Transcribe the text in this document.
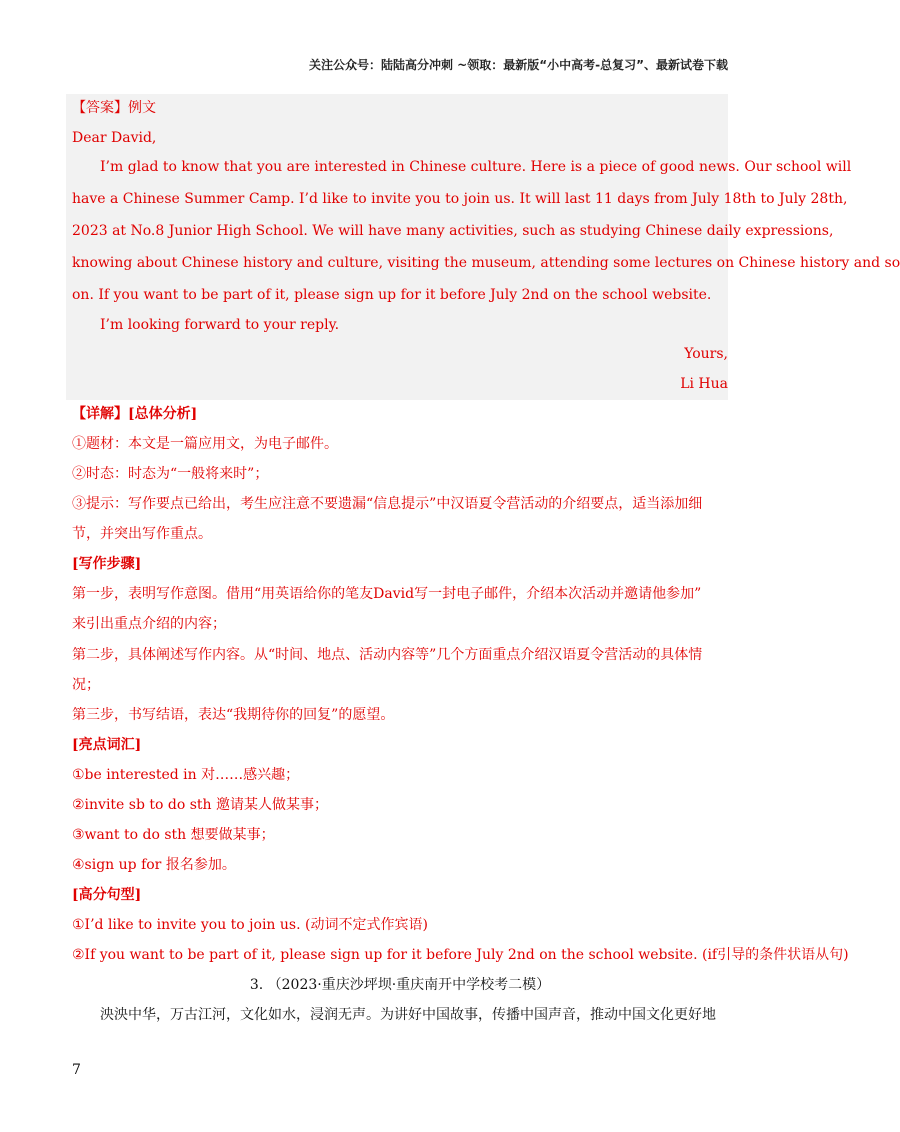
关注公众号：陆陆高分冲刺 ~领取：最新版“小中高考-总复习”、最新试卷下载
【答案】例文
Dear David,
I’m glad to know that you are interested in Chinese culture. Here is a piece of good news. Our school will
have a Chinese Summer Camp. I’d like to invite you to join us. It will last 11 days from July 18th to July 28th,
2023 at No.8 Junior High School. We will have many activities, such as studying Chinese daily expressions,
knowing about Chinese history and culture, visiting the museum, attending some lectures on Chinese history and so
on. If you want to be part of it, please sign up for it before July 2nd on the school website.
I’m looking forward to your reply.
Yours,
Li Hua
【详解】[总体分析]
①题材：本文是一篇应用文，为电子邮件。
②时态：时态为“一般将来时”；
③提示：写作要点已给出，考生应注意不要遗漏“信息提示”中汉语夏令营活动的介绍要点，适当添加细
节，并突出写作重点。
[写作步骤]
第一步，表明写作意图。借用“用英语给你的笔友David写一封电子邮件，介绍本次活动并邀请他参加”
来引出重点介绍的内容；
第二步，具体阐述写作内容。从“时间、地点、活动内容等”几个方面重点介绍汉语夏令营活动的具体情
况；
第三步，书写结语，表达“我期待你的回复”的愿望。
[亮点词汇]
①be interested in 对……感兴趣；
②invite sb to do sth 邀请某人做某事；
③want to do sth 想要做某事；
④sign up for 报名参加。
[高分句型]
①I’d like to invite you to join us. (动词不定式作宾语)
②If you want to be part of it, please sign up for it before July 2nd on the school website. (if引导的条件状语从句)
3. （2023·重庆沙坪坝·重庆南开中学校考二模）
泱泱中华，万古江河，文化如水，浸润无声。为讲好中国故事，传播中国声音，推动中国文化更好地
7
